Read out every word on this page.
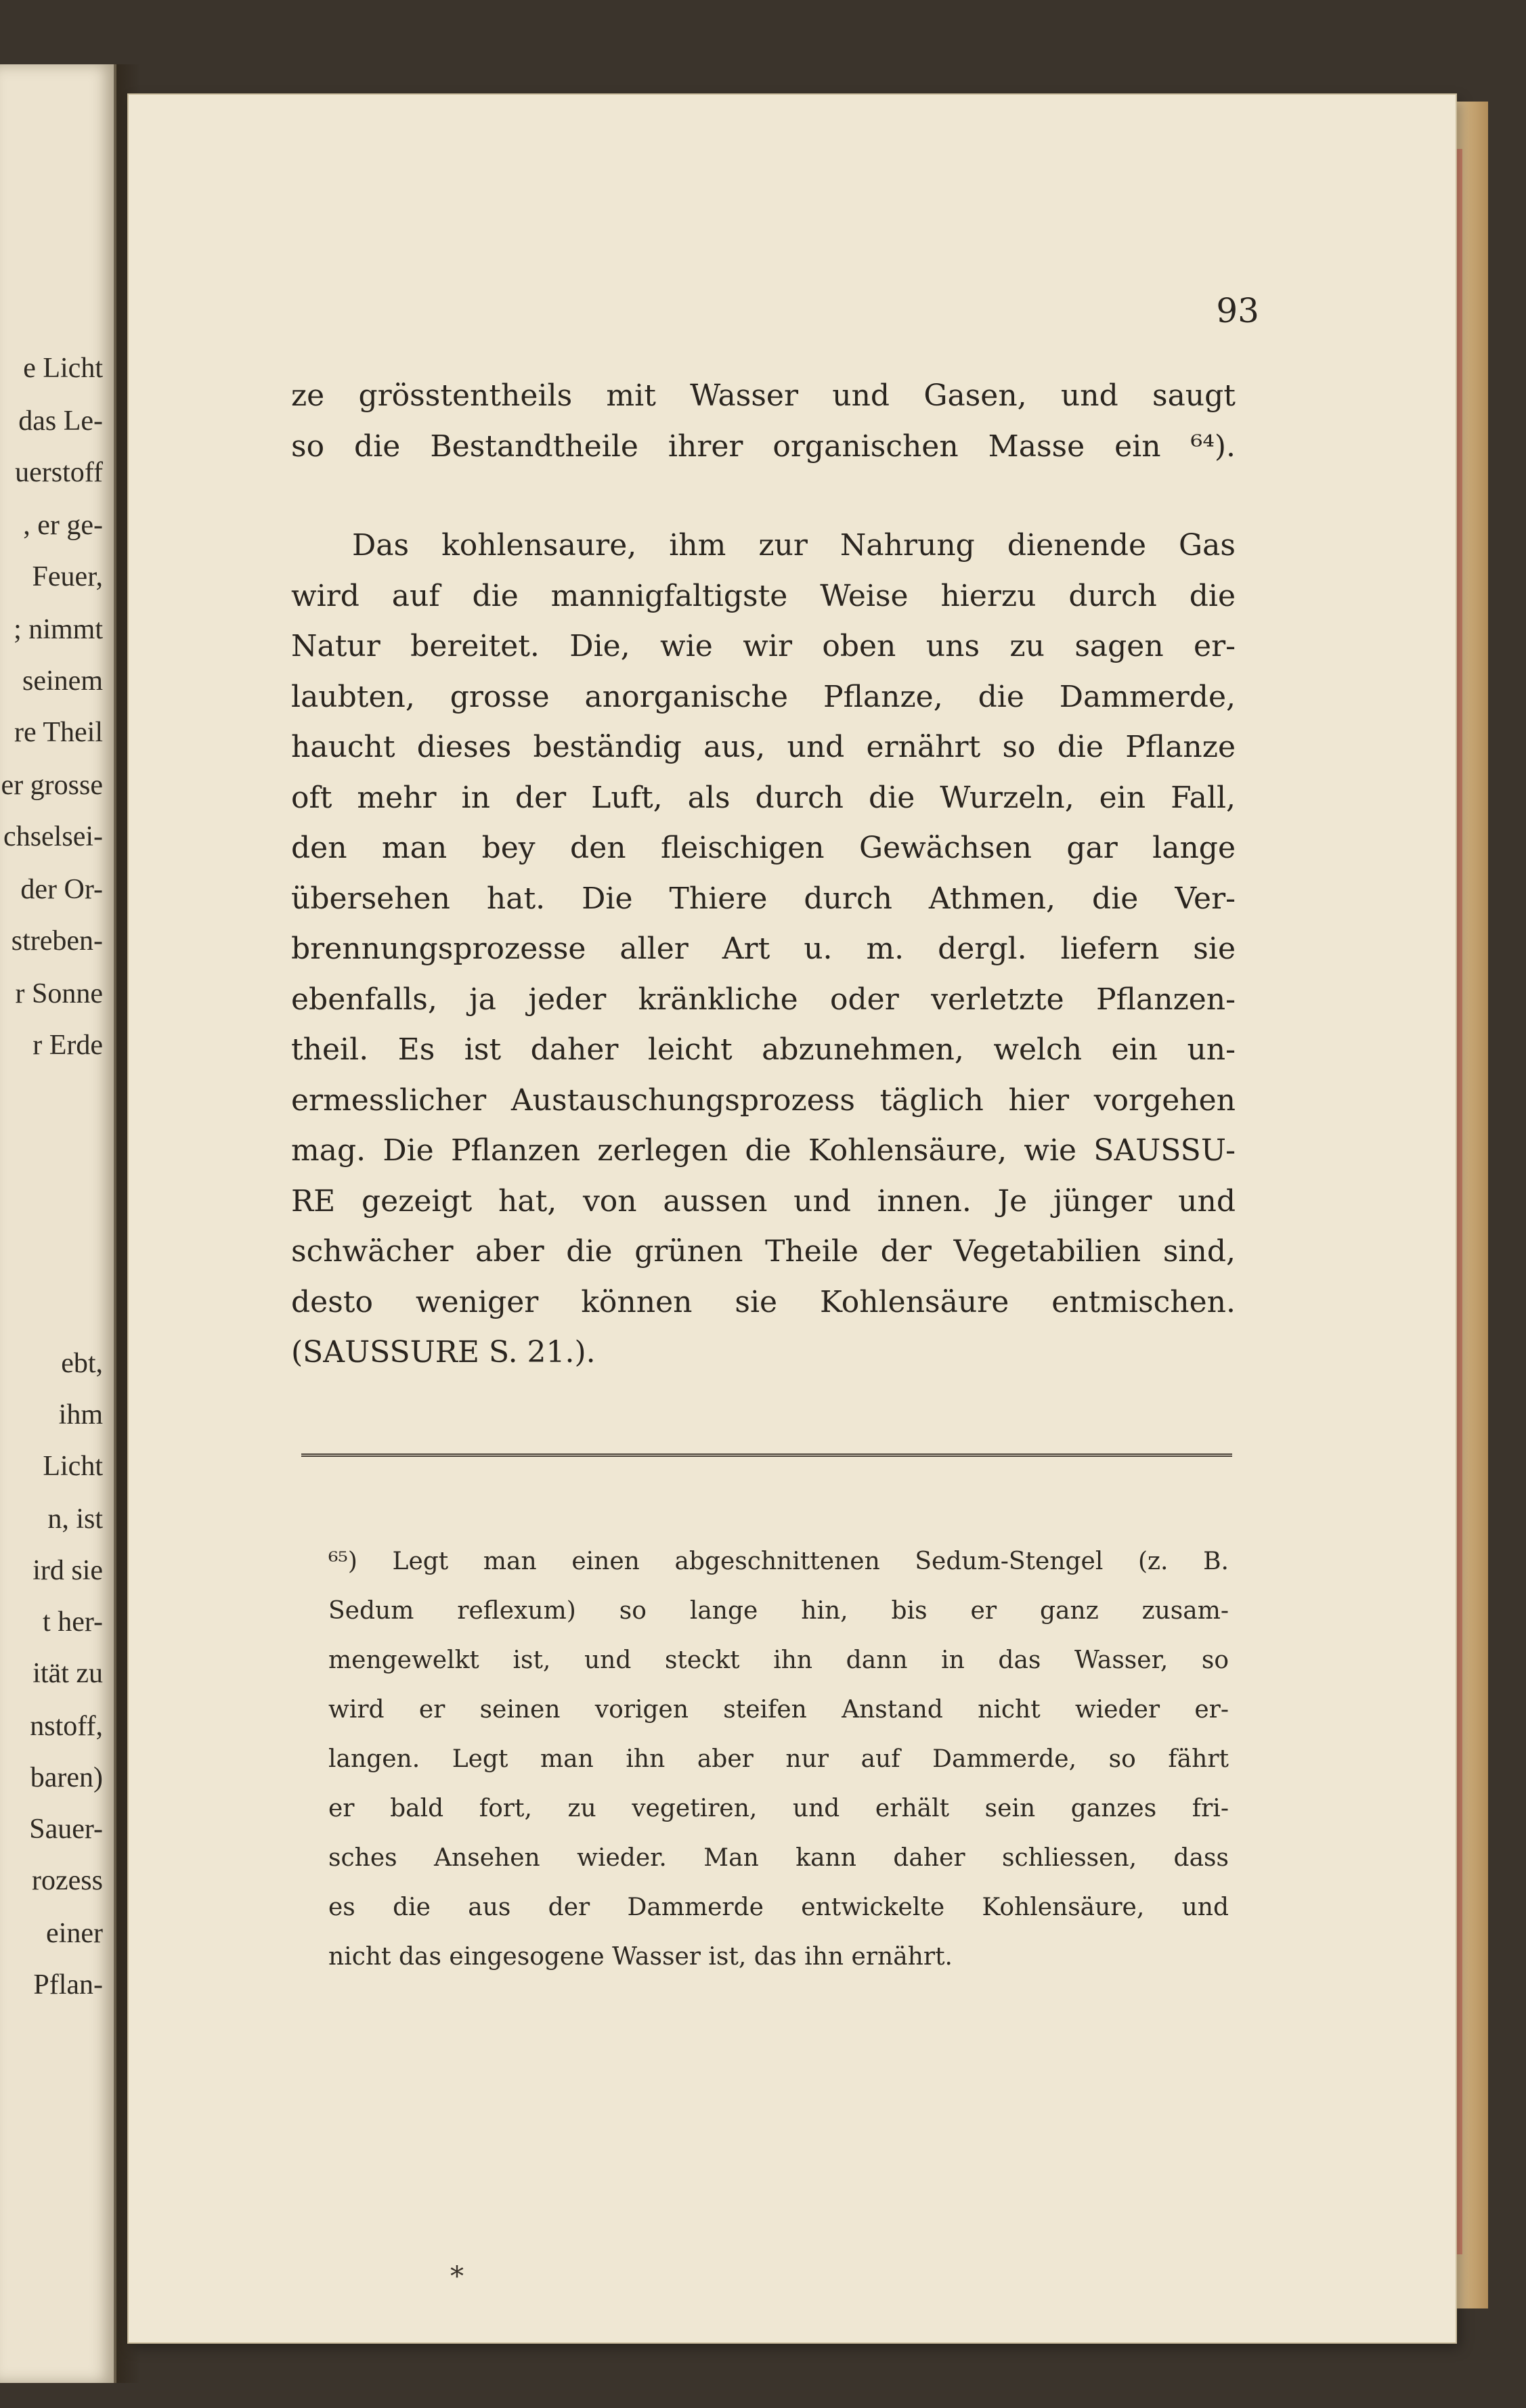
e Licht

das Le-

uerstoff

, er ge-

Feuer,

; nimmt

seinem

re Theil

er grosse

chselsei-

der Or-

streben-

r Sonne

r Erde

ebt,

ihm

Licht

n, ist

ird sie

t her-

ität zu

nstoff,

baren)

Sauer-

rozess

einer

Pflan-

93

ze grösstentheils mit Wasser und Gasen, und saugt
so die Bestandtheile ihrer organischen Masse ein ⁶⁴).
Das kohlensaure, ihm zur Nahrung dienende Gas
wird auf die mannigfaltigste Weise hierzu durch die
Natur bereitet. Die, wie wir oben uns zu sagen er-
laubten, grosse anorganische Pflanze, die Dammerde,
haucht dieses beständig aus, und ernährt so die Pflanze
oft mehr in der Luft, als durch die Wurzeln, ein Fall,
den man bey den fleischigen Gewächsen gar lange
übersehen hat. Die Thiere durch Athmen, die Ver-
brennungsprozesse aller Art u. m. dergl. liefern sie
ebenfalls, ja jeder kränkliche oder verletzte Pflanzen-
theil. Es ist daher leicht abzunehmen, welch ein un-
ermesslicher Austauschungsprozess täglich hier vorgehen
mag. Die Pflanzen zerlegen die Kohlensäure, wie SAUSSU-
RE gezeigt hat, von aussen und innen. Je jünger und
schwächer aber die grünen Theile der Vegetabilien sind,
desto weniger können sie Kohlensäure entmischen.
(SAUSSURE S. 21.).
⁶⁵) Legt man einen abgeschnittenen Sedum-Stengel (z. B.
Sedum reflexum) so lange hin, bis er ganz zusam-
mengewelkt ist, und steckt ihn dann in das Wasser, so
wird er seinen vorigen steifen Anstand nicht wieder er-
langen. Legt man ihn aber nur auf Dammerde, so fährt
er bald fort, zu vegetiren, und erhält sein ganzes fri-
sches Ansehen wieder. Man kann daher schliessen, dass
es die aus der Dammerde entwickelte Kohlensäure, und
nicht das eingesogene Wasser ist, das ihn ernährt.

*
